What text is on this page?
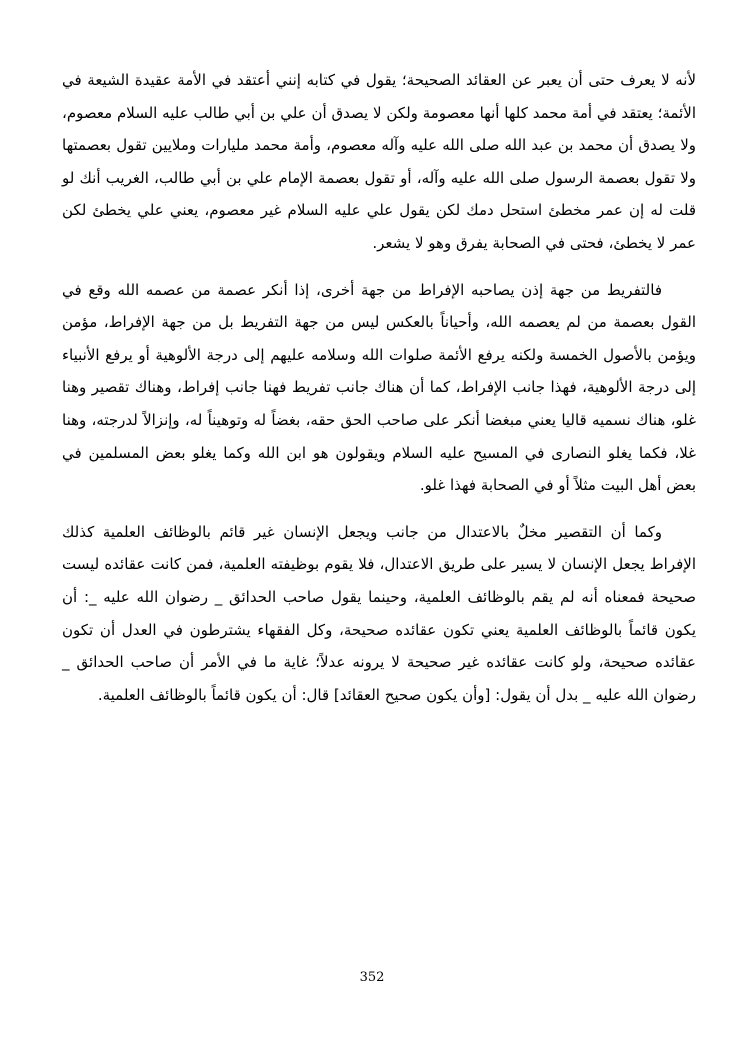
لأنه لا يعرف حتى أن يعبر عن العقائد الصحيحة؛ يقول في كتابه إنني أعتقد في الأمة عقيدة الشيعة في الأئمة؛ يعتقد في أمة محمد كلها أنها معصومة ولكن لا يصدق أن علي بن أبي طالب عليه السلام معصوم، ولا يصدق أن محمد بن عبد الله صلى الله عليه وآله معصوم، وأمة محمد مليارات وملايين تقول بعصمتها ولا تقول بعصمة الرسول صلى الله عليه وآله، أو تقول بعصمة الإمام علي بن أبي طالب، الغريب أنك لو قلت له إن عمر مخطئ استحل دمك لكن يقول علي عليه السلام غير معصوم، يعني علي يخطئ لكن عمر لا يخطئ، فحتى في الصحابة يفرق وهو لا يشعر.

فالتفريط من جهة إذن يصاحبه الإفراط من جهة أخرى، إذا أنكر عصمة من عصمه الله وقع في القول بعصمة من لم يعصمه الله، وأحياناً بالعكس ليس من جهة التفريط بل من جهة الإفراط، مؤمن ويؤمن بالأصول الخمسة ولكنه يرفع الأئمة صلوات الله وسلامه عليهم إلى درجة الألوهية أو يرفع الأنبياء إلى درجة الألوهية، فهذا جانب الإفراط، كما أن هناك جانب تفريط فهنا جانب إفراط، وهناك تقصير وهنا غلو، هناك نسميه قاليا يعني مبغضا أنكر على صاحب الحق حقه، بغضاً له وتوهيناً له، وإنزالاً لدرجته، وهنا غلا، فكما يغلو النصارى في المسيح عليه السلام ويقولون هو ابن الله وكما يغلو بعض المسلمين في بعض أهل البيت مثلاً أو في الصحابة فهذا غلو.

وكما أن التقصير مخلٌ بالاعتدال من جانب ويجعل الإنسان غير قائم بالوظائف العلمية كذلك الإفراط يجعل الإنسان لا يسير على طريق الاعتدال، فلا يقوم بوظيفته العلمية، فمن كانت عقائده ليست صحيحة فمعناه أنه لم يقم بالوظائف العلمية، وحينما يقول صاحب الحدائق _ رضوان الله عليه _: أن يكون قائماً بالوظائف العلمية يعني تكون عقائده صحيحة، وكل الفقهاء يشترطون في العدل أن تكون عقائده صحيحة، ولو كانت عقائده غير صحيحة لا يرونه عدلاً؛ غاية ما في الأمر أن صاحب الحدائق _ رضوان الله عليه _ بدل أن يقول: [وأن يكون صحيح العقائد] قال: أن يكون قائماً بالوظائف العلمية.

352
